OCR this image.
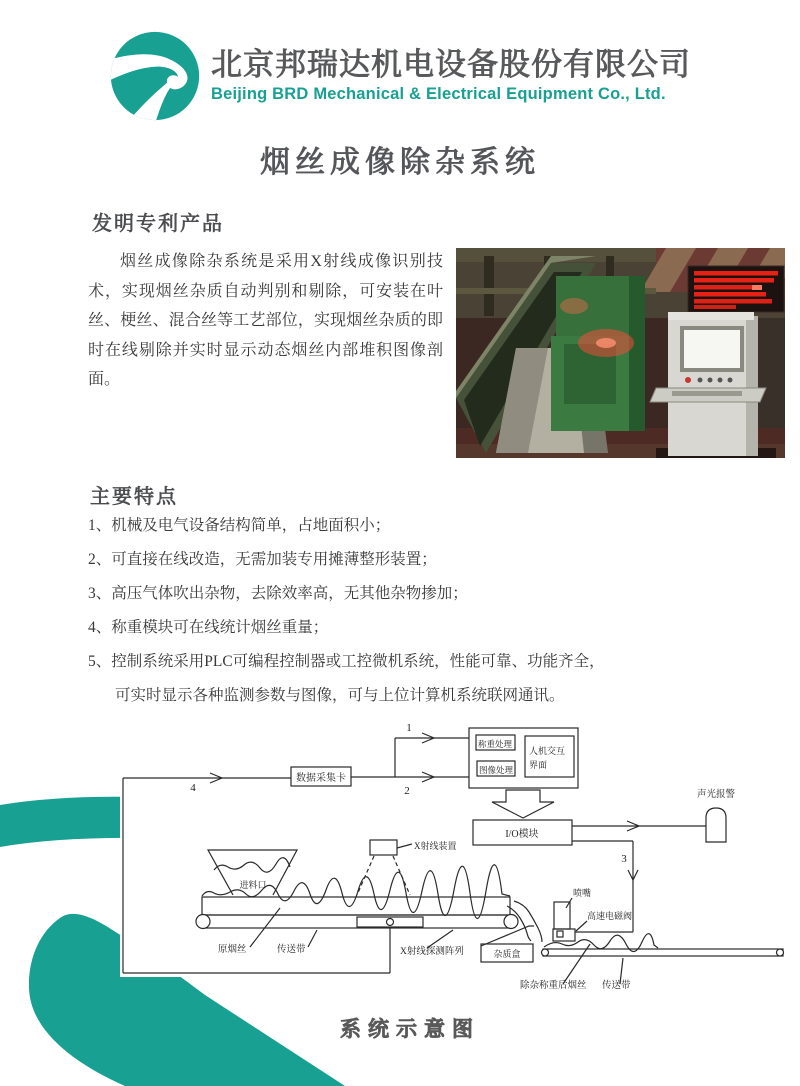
北京邦瑞达机电设备股份有限公司
Beijing BRD Mechanical & Electrical Equipment Co., Ltd.
烟丝成像除杂系统
发明专利产品
烟丝成像除杂系统是采用X射线成像识别技术，实现烟丝杂质自动判别和剔除，可安装在叶丝、梗丝、混合丝等工艺部位，实现烟丝杂质的即时在线剔除并实时显示动态烟丝内部堆积图像剖面。
主要特点
1、机械及电气设备结构简单，占地面积小；
2、可直接在线改造，无需加装专用摊薄整形装置；
3、高压气体吹出杂物，去除效率高，无其他杂物掺加；
4、称重模块可在线统计烟丝重量；
5、控制系统采用PLC可编程控制器或工控微机系统，性能可靠、功能齐全，
可实时显示各种监测参数与图像，可与上位计算机系统联网通讯。
数据采集卡
称重处理
图像处理
人机交互
界面
I/O模块
声光报警
X射线装置
进料口
原烟丝	传送带	X射线探测阵列
喷嘴
高速电磁阀
杂质盒
除杂称重后烟丝 传送带
1
2
3
4
系统示意图
